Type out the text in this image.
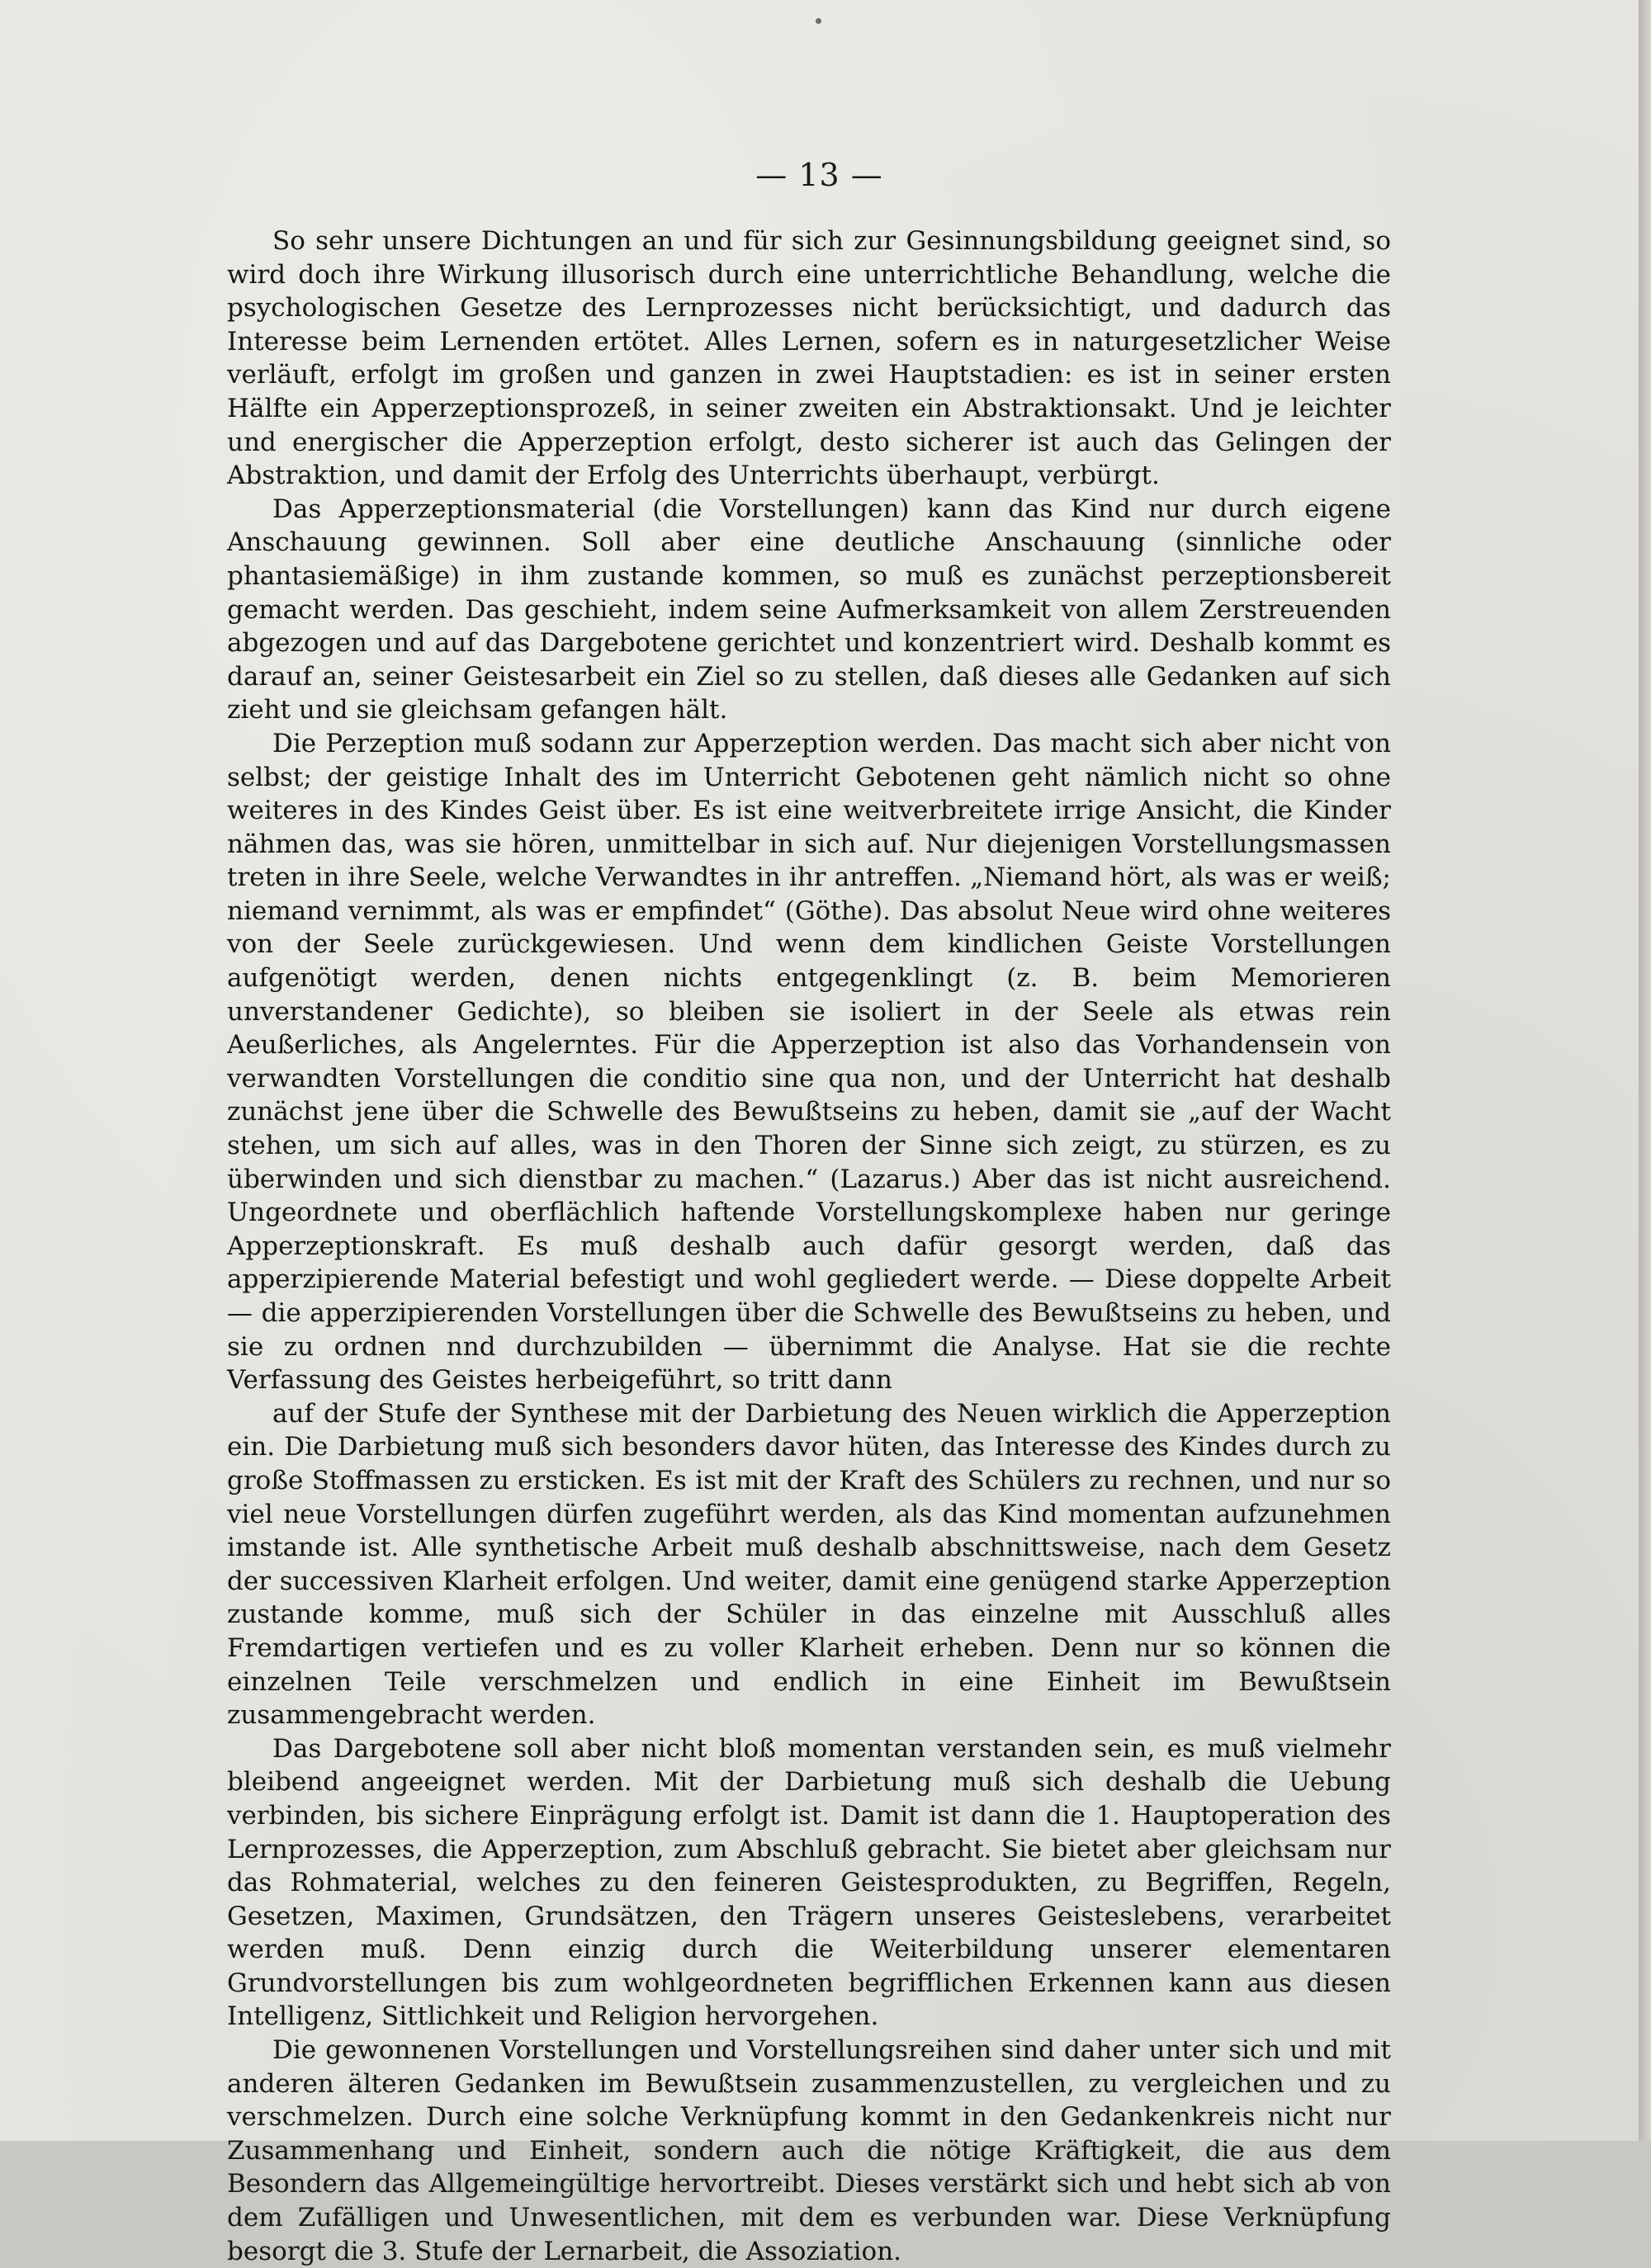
— 13 —

So sehr unsere Dichtungen an und für sich zur Gesinnungsbildung geeignet sind, so wird doch ihre Wirkung illusorisch durch eine unterrichtliche Behandlung, welche die psychologischen Gesetze des Lernprozesses nicht berücksichtigt, und dadurch das Interesse beim Lernenden ertötet. Alles Lernen, sofern es in naturgesetzlicher Weise verläuft, erfolgt im großen und ganzen in zwei Hauptstadien: es ist in seiner ersten Hälfte ein Apperzeptionsprozeß, in seiner zweiten ein Abstraktionsakt. Und je leichter und energischer die Apperzeption erfolgt, desto sicherer ist auch das Gelingen der Abstraktion, und damit der Erfolg des Unterrichts überhaupt, verbürgt.

Das Apperzeptionsmaterial (die Vorstellungen) kann das Kind nur durch eigene Anschauung gewinnen. Soll aber eine deutliche Anschauung (sinnliche oder phantasiemäßige) in ihm zustande kommen, so muß es zunächst perzeptionsbereit gemacht werden. Das geschieht, indem seine Aufmerksamkeit von allem Zerstreuenden abgezogen und auf das Dargebotene gerichtet und konzentriert wird. Deshalb kommt es darauf an, seiner Geistesarbeit ein Ziel so zu stellen, daß dieses alle Gedanken auf sich zieht und sie gleichsam gefangen hält.

Die Perzeption muß sodann zur Apperzeption werden. Das macht sich aber nicht von selbst; der geistige Inhalt des im Unterricht Gebotenen geht nämlich nicht so ohne weiteres in des Kindes Geist über. Es ist eine weitverbreitete irrige Ansicht, die Kinder nähmen das, was sie hören, unmittelbar in sich auf. Nur diejenigen Vorstellungsmassen treten in ihre Seele, welche Verwandtes in ihr antreffen. „Niemand hört, als was er weiß; niemand vernimmt, als was er empfindet“ (Göthe). Das absolut Neue wird ohne weiteres von der Seele zurückgewiesen. Und wenn dem kindlichen Geiste Vorstellungen aufgenötigt werden, denen nichts entgegenklingt (z. B. beim Memorieren unverstandener Gedichte), so bleiben sie isoliert in der Seele als etwas rein Aeußerliches, als Angelerntes. Für die Apperzeption ist also das Vorhandensein von verwandten Vorstellungen die conditio sine qua non, und der Unterricht hat deshalb zunächst jene über die Schwelle des Bewußtseins zu heben, damit sie „auf der Wacht stehen, um sich auf alles, was in den Thoren der Sinne sich zeigt, zu stürzen, es zu überwinden und sich dienstbar zu machen.“ (Lazarus.) Aber das ist nicht ausreichend. Ungeordnete und oberflächlich haftende Vorstellungskomplexe haben nur geringe Apperzeptionskraft. Es muß deshalb auch dafür gesorgt werden, daß das apperzipierende Material befestigt und wohl gegliedert werde. — Diese doppelte Arbeit — die apperzipierenden Vorstellungen über die Schwelle des Bewußtseins zu heben, und sie zu ordnen nnd durchzubilden — übernimmt die Analyse. Hat sie die rechte Verfassung des Geistes herbeigeführt, so tritt dann

auf der Stufe der Synthese mit der Darbietung des Neuen wirklich die Apperzeption ein. Die Darbietung muß sich besonders davor hüten, das Interesse des Kindes durch zu große Stoffmassen zu ersticken. Es ist mit der Kraft des Schülers zu rechnen, und nur so viel neue Vorstellungen dürfen zugeführt werden, als das Kind momentan aufzunehmen imstande ist. Alle synthetische Arbeit muß deshalb abschnittsweise, nach dem Gesetz der successiven Klarheit erfolgen. Und weiter, damit eine genügend starke Apperzeption zustande komme, muß sich der Schüler in das einzelne mit Ausschluß alles Fremdartigen vertiefen und es zu voller Klarheit erheben. Denn nur so können die einzelnen Teile verschmelzen und endlich in eine Einheit im Bewußtsein zusammengebracht werden.

Das Dargebotene soll aber nicht bloß momentan verstanden sein, es muß vielmehr bleibend angeeignet werden. Mit der Darbietung muß sich deshalb die Uebung verbinden, bis sichere Einprägung erfolgt ist. Damit ist dann die 1. Hauptoperation des Lernprozesses, die Apperzeption, zum Abschluß gebracht. Sie bietet aber gleichsam nur das Rohmaterial, welches zu den feineren Geistesprodukten, zu Begriffen, Regeln, Gesetzen, Maximen, Grundsätzen, den Trägern unseres Geisteslebens, verarbeitet werden muß. Denn einzig durch die Weiterbildung unserer elementaren Grundvorstellungen bis zum wohlgeordneten begrifflichen Erkennen kann aus diesen Intelligenz, Sittlichkeit und Religion hervorgehen.

Die gewonnenen Vorstellungen und Vorstellungsreihen sind daher unter sich und mit anderen älteren Gedanken im Bewußtsein zusammenzustellen, zu vergleichen und zu verschmelzen. Durch eine solche Verknüpfung kommt in den Gedankenkreis nicht nur Zusammenhang und Einheit, sondern auch die nötige Kräftigkeit, die aus dem Besondern das Allgemeingültige hervortreibt. Dieses verstärkt sich und hebt sich ab von dem Zufälligen und Unwesentlichen, mit dem es verbunden war. Diese Verknüpfung besorgt die 3. Stufe der Lernarbeit, die Assoziation.
